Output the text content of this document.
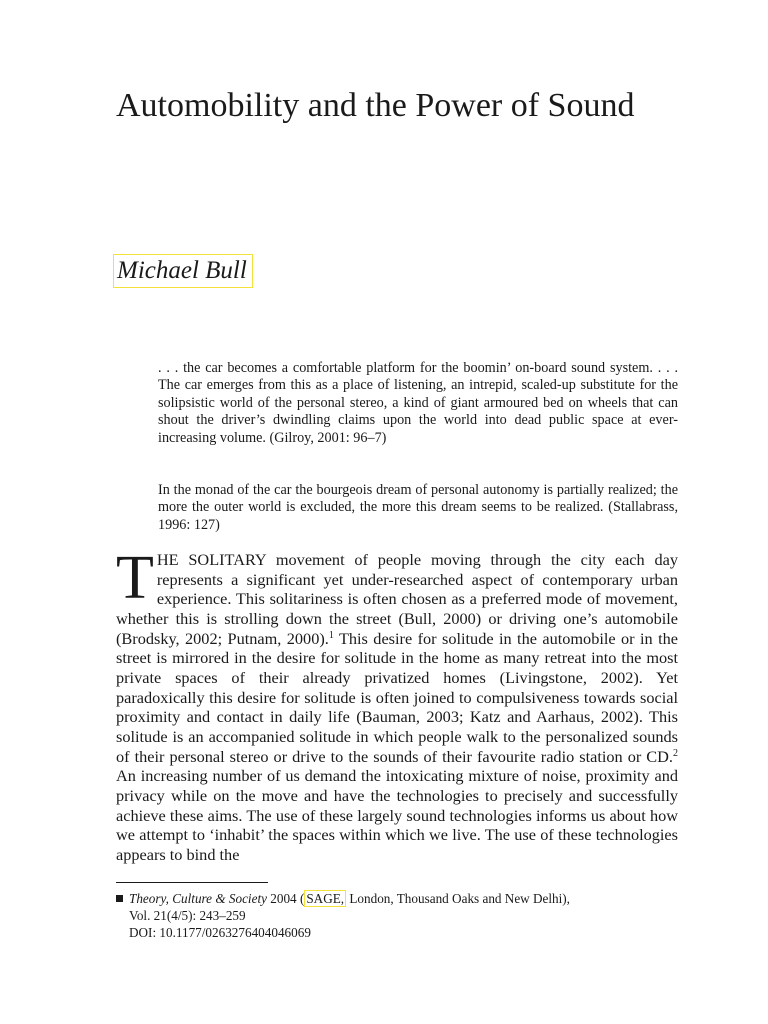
Automobility and the Power of Sound
Michael Bull

. . . the car becomes a comfortable platform for the boomin’ on-board sound system. . . . The car emerges from this as a place of listening, an intrepid, scaled-up substitute for the solipsistic world of the personal stereo, a kind of giant armoured bed on wheels that can shout the driver’s dwindling claims upon the world into dead public space at ever-increasing volume. (Gilroy, 2001: 96–7)

In the monad of the car the bourgeois dream of personal autonomy is partially realized; the more the outer world is excluded, the more this dream seems to be realized. (Stallabrass, 1996: 127)

THE SOLITARY movement of people moving through the city each day represents a significant yet under-researched aspect of contemporary urban experience. This solitariness is often chosen as a preferred mode of movement, whether this is strolling down the street (Bull, 2000) or driving one’s automobile (Brodsky, 2002; Putnam, 2000).$^1$ This desire for solitude in the automobile or in the street is mirrored in the desire for solitude in the home as many retreat into the most private spaces of their already privatized homes (Livingstone, 2002). Yet paradoxically this desire for solitude is often joined to compulsiveness towards social proximity and contact in daily life (Bauman, 2003; Katz and Aarhaus, 2002). This solitude is an accompanied solitude in which people walk to the personalized sounds of their personal stereo or drive to the sounds of their favourite radio station or CD.$^2$ An increasing number of us demand the intoxicating mixture of noise, proximity and privacy while on the move and have the technologies to precisely and successfully achieve these aims. The use of these largely sound technologies informs us about how we attempt to ‘inhabit’ the spaces within which we live. The use of these technologies appears to bind the

Theory, Culture & Society 2004 ( SAGE, London, Thousand Oaks and New Delhi),
Vol. 21(4/5): 243–259
DOI: 10.1177/0263276404046069
